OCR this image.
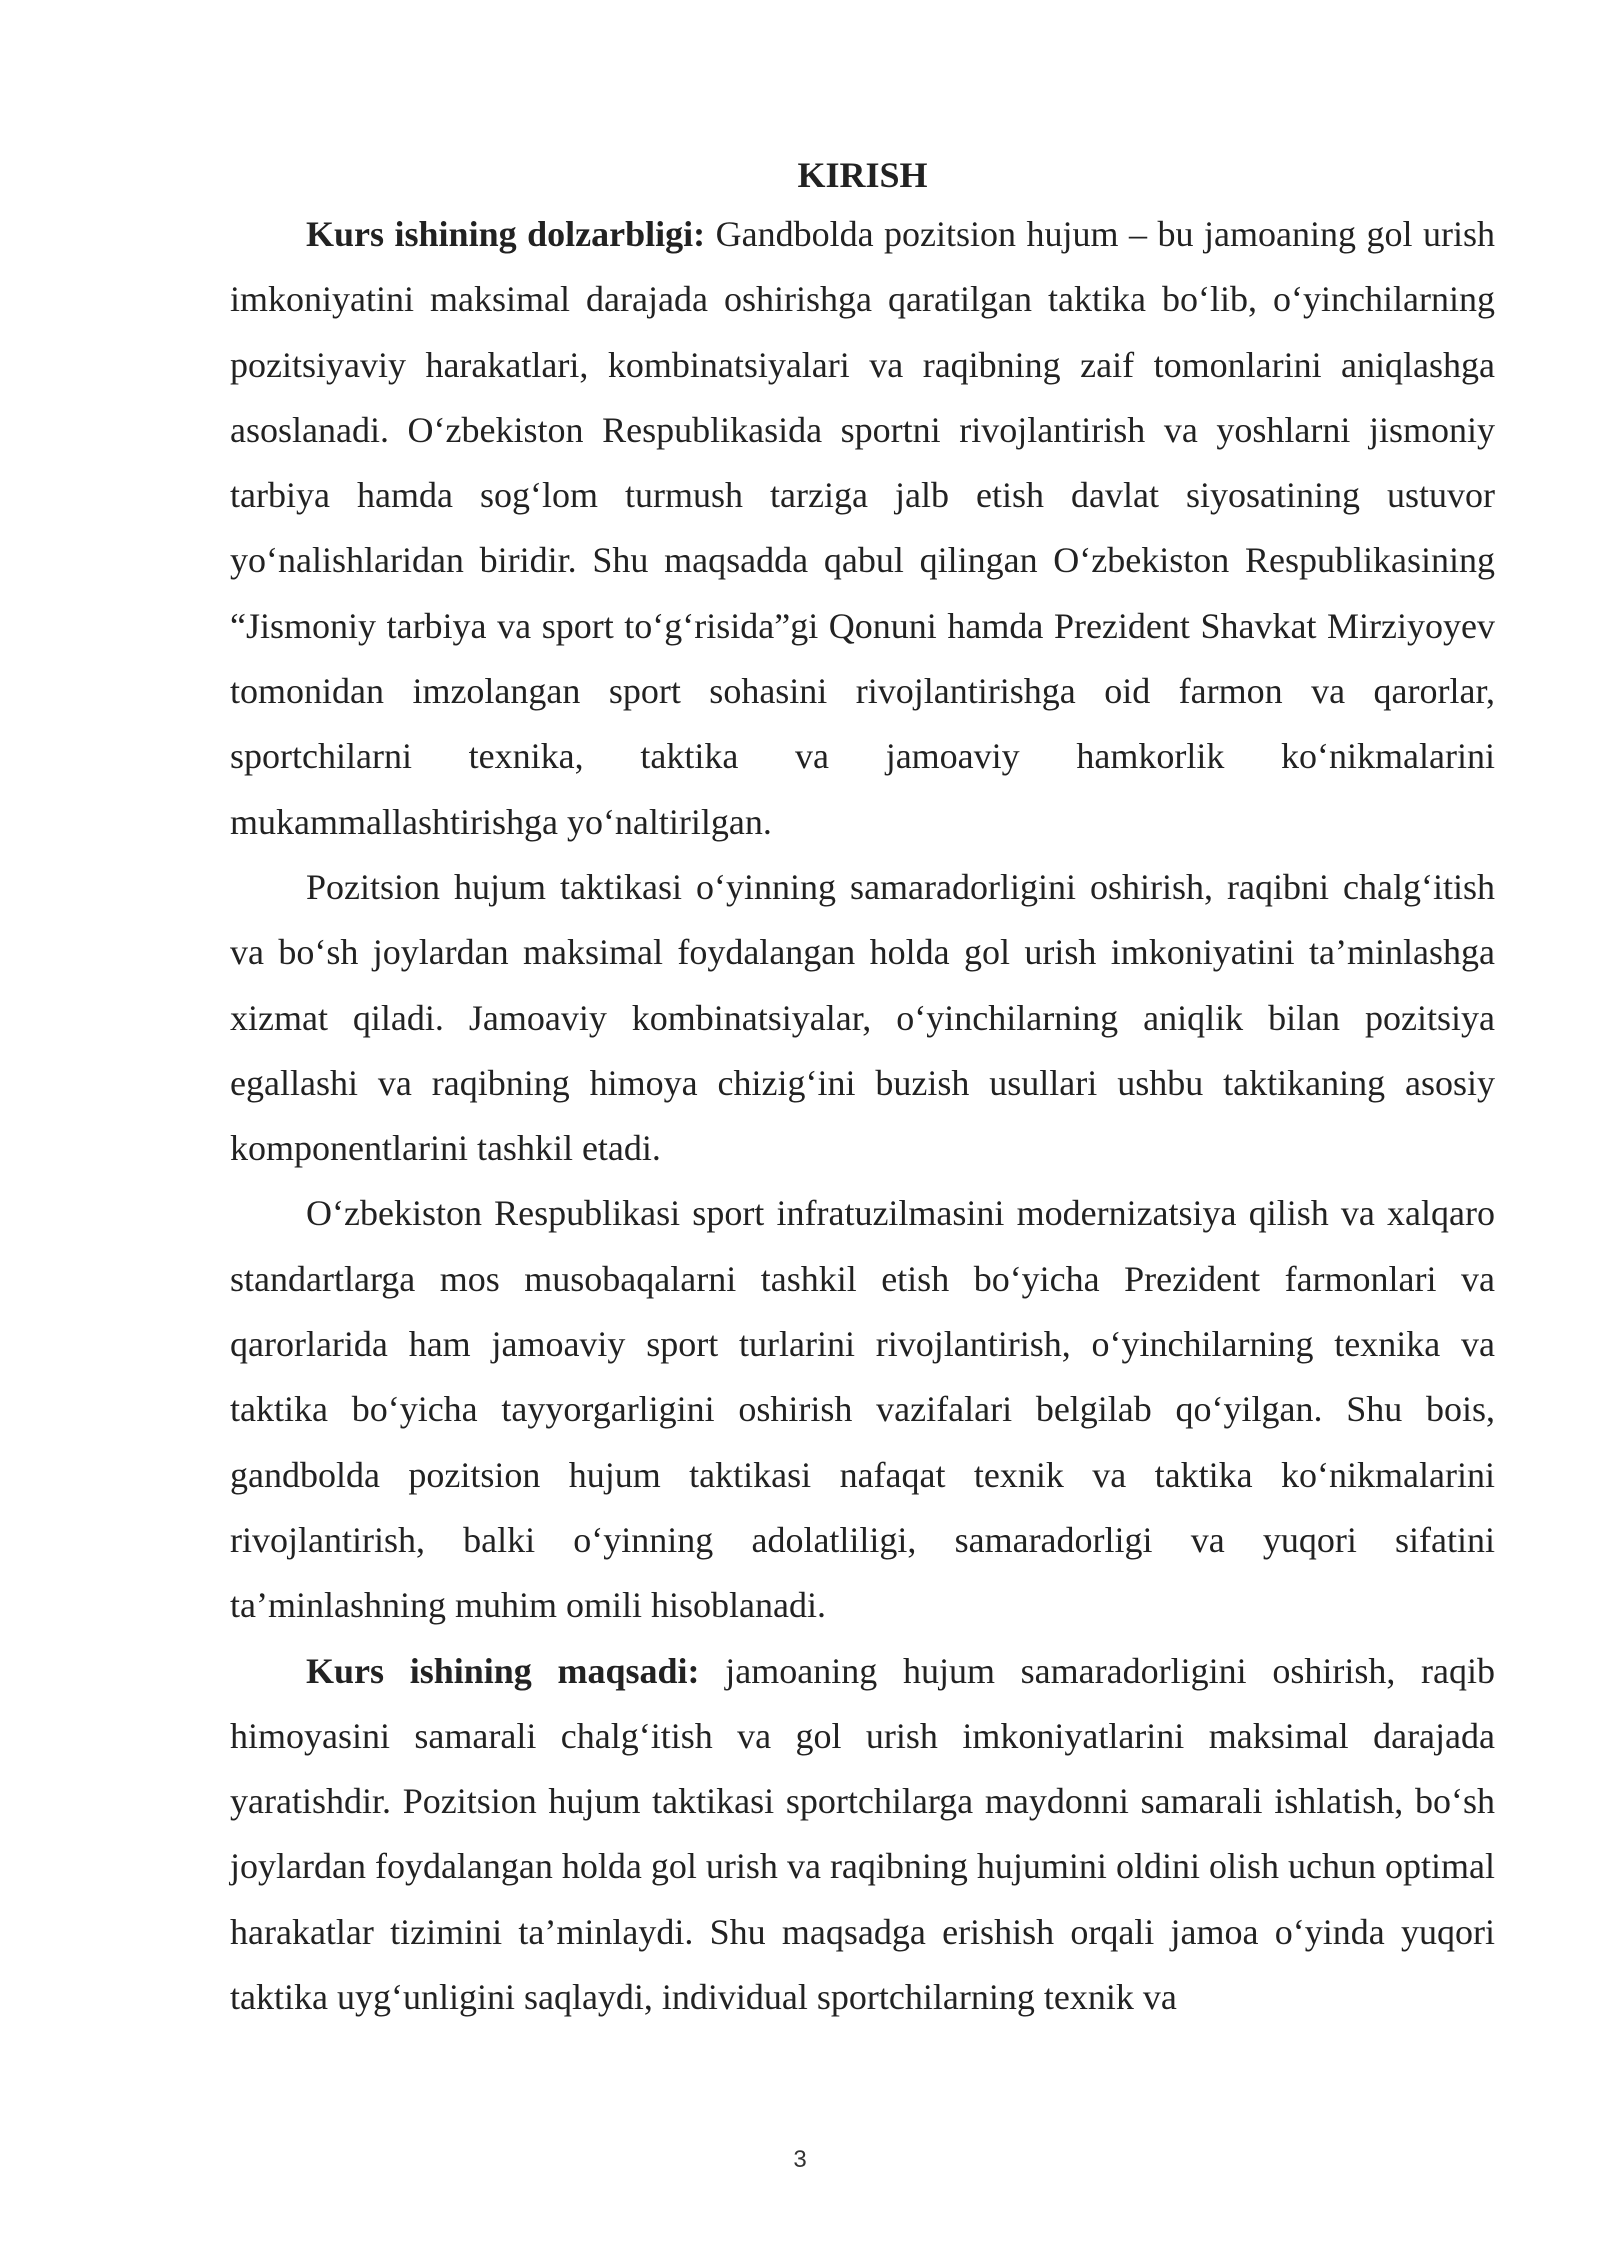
KIRISH

Kurs ishining dolzarbligi: Gandbolda pozitsion hujum – bu jamoaning gol urish imkoniyatini maksimal darajada oshirishga qaratilgan taktika bo‘lib, o‘yinchilarning pozitsiyaviy harakatlari, kombinatsiyalari va raqibning zaif tomonlarini aniqlashga asoslanadi. O‘zbekiston Respublikasida sportni rivojlantirish va yoshlarni jismoniy tarbiya hamda sog‘lom turmush tarziga jalb etish davlat siyosatining ustuvor yo‘nalishlaridan biridir. Shu maqsadda qabul qilingan O‘zbekiston Respublikasining “Jismoniy tarbiya va sport to‘g‘risida”gi Qonuni hamda Prezident Shavkat Mirziyoyev tomonidan imzolangan sport sohasini rivojlantirishga oid farmon va qarorlar, sportchilarni texnika, taktika va jamoaviy hamkorlik ko‘nikmalarini mukammallashtirishga yo‘naltirilgan.

Pozitsion hujum taktikasi o‘yinning samaradorligini oshirish, raqibni chalg‘itish va bo‘sh joylardan maksimal foydalangan holda gol urish imkoniyatini ta’minlashga xizmat qiladi. Jamoaviy kombinatsiyalar, o‘yinchilarning aniqlik bilan pozitsiya egallashi va raqibning himoya chizig‘ini buzish usullari ushbu taktikaning asosiy komponentlarini tashkil etadi.

O‘zbekiston Respublikasi sport infratuzilmasini modernizatsiya qilish va xalqaro standartlarga mos musobaqalarni tashkil etish bo‘yicha Prezident farmonlari va qarorlarida ham jamoaviy sport turlarini rivojlantirish, o‘yinchilarning texnika va taktika bo‘yicha tayyorgarligini oshirish vazifalari belgilab qo‘yilgan. Shu bois, gandbolda pozitsion hujum taktikasi nafaqat texnik va taktika ko‘nikmalarini rivojlantirish, balki o‘yinning adolatliligi, samaradorligi va yuqori sifatini ta’minlashning muhim omili hisoblanadi.

Kurs ishining maqsadi: jamoaning hujum samaradorligini oshirish, raqib himoyasini samarali chalg‘itish va gol urish imkoniyatlarini maksimal darajada yaratishdir. Pozitsion hujum taktikasi sportchilarga maydonni samarali ishlatish, bo‘sh joylardan foydalangan holda gol urish va raqibning hujumini oldini olish uchun optimal harakatlar tizimini ta’minlaydi. Shu maqsadga erishish orqali jamoa o‘yinda yuqori taktika uyg‘unligini saqlaydi, individual sportchilarning texnik va

3
